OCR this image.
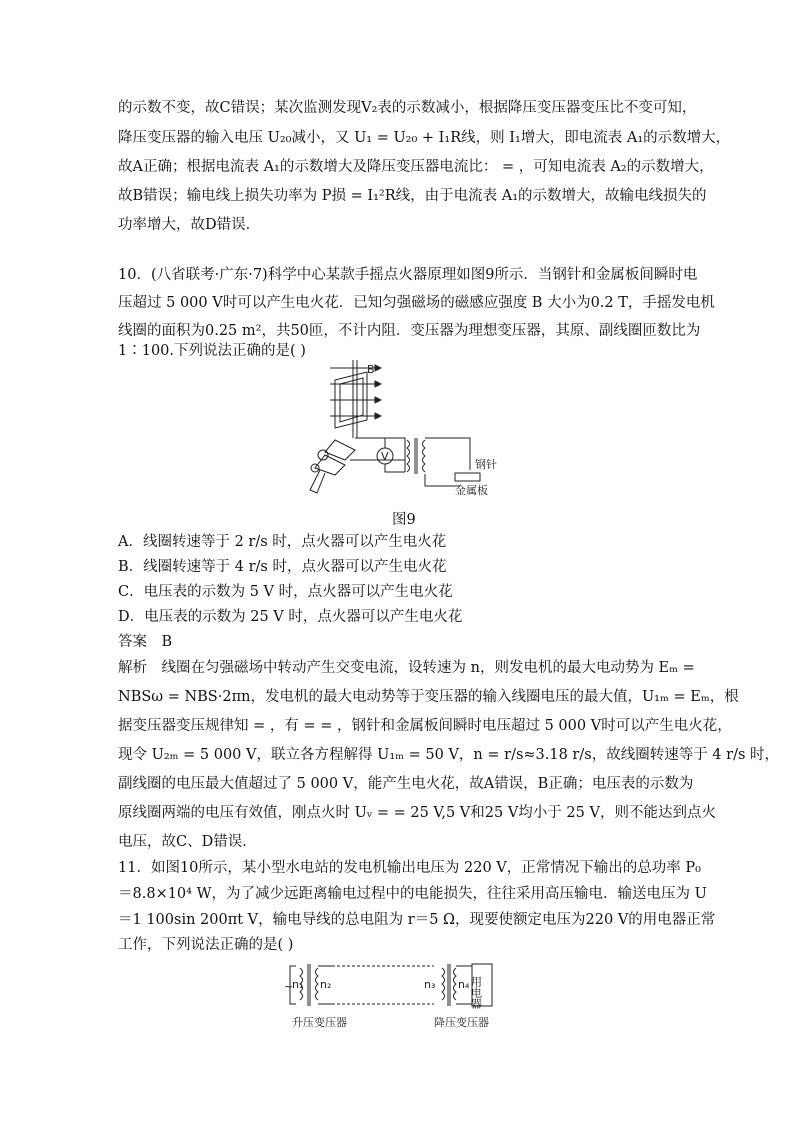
的示数不变，故C错误；某次监测发现V₂表的示数减小，根据降压变压器变压比不变可知，
降压变压器的输入电压 U₂₀减小，又 U₁ = U₂₀ + I₁R线，则 I₁增大，即电流表 A₁的示数增大，
故A正确；根据电流表 A₁的示数增大及降压变压器电流比： = ，可知电流表 A₂的示数增大，
故B错误；输电线上损失功率为 P损 = I₁²R线，由于电流表 A₁的示数增大，故输电线损失的
功率增大，故D错误．
10．(八省联考·广东·7)科学中心某款手摇点火器原理如图9所示．当钢针和金属板间瞬时电
压超过 5 000 V时可以产生电火花．已知匀强磁场的磁感应强度 B 大小为0.2 T，手摇发电机
线圈的面积为0.25 m²，共50匝，不计内阻．变压器为理想变压器，其原、副线圈匝数比为
1∶100.下列说法正确的是( )
B
V
钢针
金属板
图9
A．线圈转速等于 2 r/s 时，点火器可以产生电火花
B．线圈转速等于 4 r/s 时，点火器可以产生电火花
C．电压表的示数为 5 V 时，点火器可以产生电火花
D．电压表的示数为 25 V 时，点火器可以产生电火花
答案　B
解析　线圈在匀强磁场中转动产生交变电流，设转速为 n，则发电机的最大电动势为 Eₘ =
NBSω = NBS·2πn，发电机的最大电动势等于变压器的输入线圈电压的最大值，U₁ₘ = Eₘ，根
据变压器变压规律知 = ，有 = = ，钢针和金属板间瞬时电压超过 5 000 V时可以产生电火花，
现令 U₂ₘ = 5 000 V，联立各方程解得 U₁ₘ = 50 V，n = r/s≈3.18 r/s，故线圈转速等于 4 r/s 时，
副线圈的电压最大值超过了 5 000 V，能产生电火花，故A错误，B正确；电压表的示数为
原线圈两端的电压有效值，刚点火时 Uᵥ = = 25 V,5 V和25 V均小于 25 V，则不能达到点火
电压，故C、D错误．
11．如图10所示，某小型水电站的发电机输出电压为 220 V，正常情况下输出的总功率 P₀
＝8.8×10⁴ W，为了减少远距离输电过程中的电能损失，往往采用高压输电．输送电压为 U
＝1 100sin 200πt V，输电导线的总电阻为 r＝5 Ω，现要使额定电压为220 V的用电器正常
工作，下列说法正确的是( )
~
n₁ n₂	n₃ n₄ 用电器
升压变压器	降压变压器
